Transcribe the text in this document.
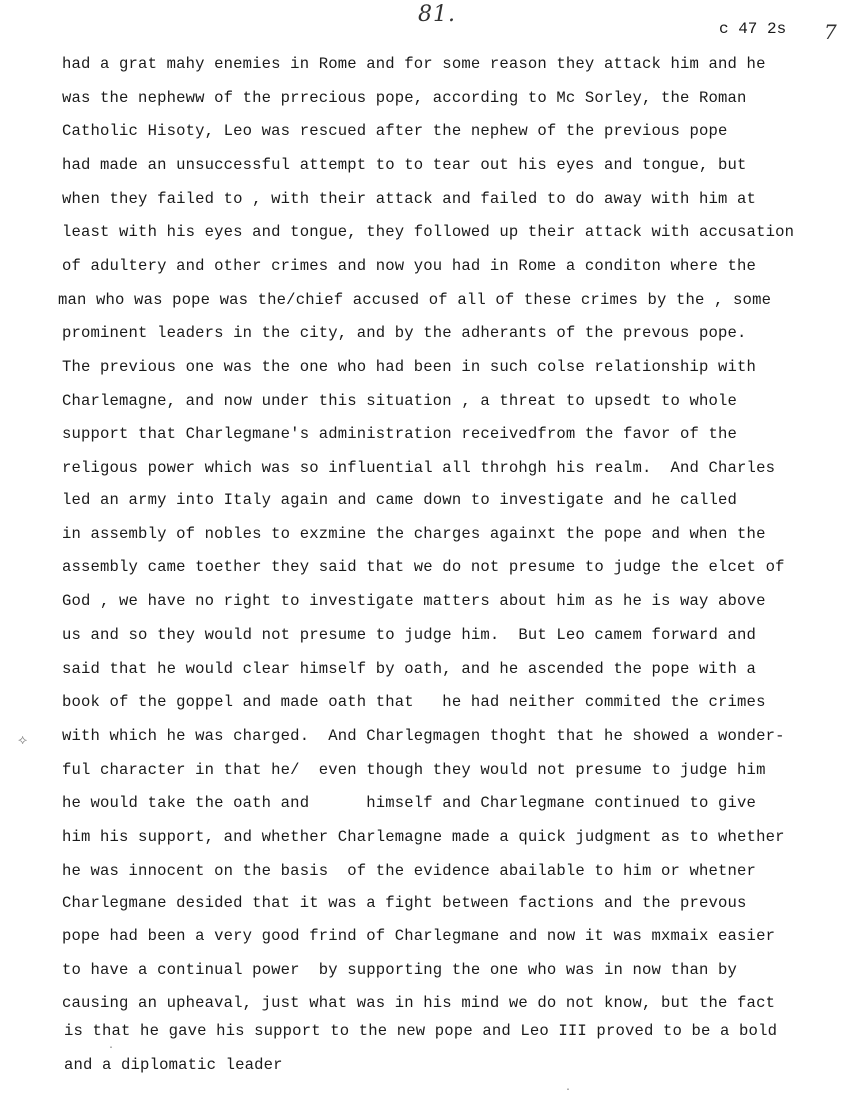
81.
c 47 2s 7
had a grat mahy enemies in Rome and for some reason they attack him and he
was the nepheww of the prrecious pope, according to Mc Sorley, the Roman
Catholic Hisoty, Leo was rescued after the nephew of the previous pope
had made an unsuccessful attempt to to tear out his eyes and tongue, but
when they failed to , with their attack and failed to do away with him at
least with his eyes and tongue, they followed up their attack with accusation
of adultery and other crimes and now you had in Rome a conditon where the
man who was pope was the/chief accused of all of these crimes by the , some
prominent leaders in the city, and by the adherants of the prevous pope.
The previous one was the one who had been in such colse relationship with
Charlemagne, and now under this situation , a threat to upsedt to whole
support that Charlegmane's administration receivedfrom the favor of the
religous power which was so influential all throhgh his realm.  And Charles
led an army into Italy again and came down to investigate and he called
in assembly of nobles to exzmine the charges againxt the pope and when the
assembly came toether they said that we do not presume to judge the elcet of
God , we have no right to investigate matters about him as he is way above
us and so they would not presume to judge him.  But Leo camem forward and
said that he would clear himself by oath, and he ascended the pope with a
book of the goppel and made oath that   he had neither commited the crimes
with which he was charged.  And Charlegmagen thoght that he showed a wonder-
ful character in that he/  even though they would not presume to judge him
he would take the oath and      himself and Charlegmane continued to give
him his support, and whether Charlemagne made a quick judgment as to whether
he was innocent on the basis  of the evidence abailable to him or whetner
Charlegmane desided that it was a fight between factions and the prevous
pope had been a very good frind of Charlegmane and now it was mxmaix easier
to have a continual power  by supporting the one who was in now than by
causing an upheaval, just what was in his mind we do not know, but the fact
is that he gave his support to the new pope and Leo III proved to be a bold
and a diplomatic leader
⟡
·
·
